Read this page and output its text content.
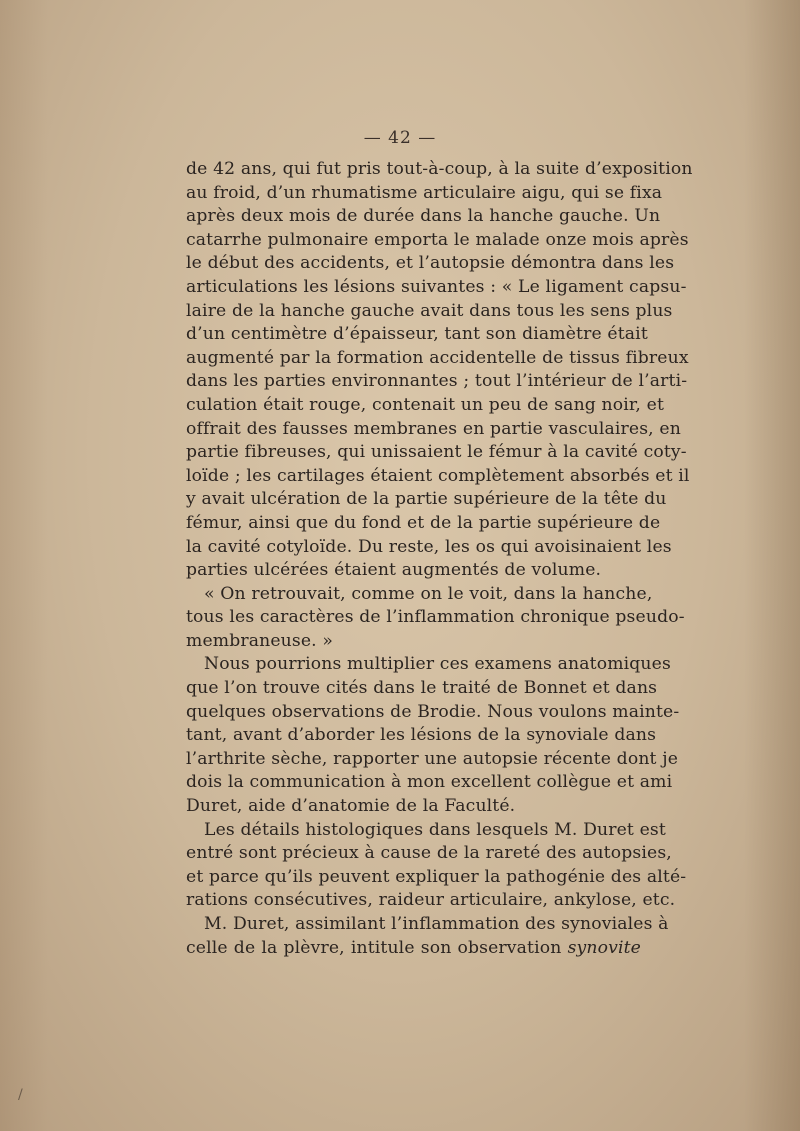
— 42 —
de 42 ans, qui fut pris tout-à-coup, à la suite d’exposition
au froid, d’un rhumatisme articulaire aigu, qui se fixa
après deux mois de durée dans la hanche gauche. Un
catarrhe pulmonaire emporta le malade onze mois après
le début des accidents, et l’autopsie démontra dans les
articulations les lésions suivantes : « Le ligament capsu-
laire de la hanche gauche avait dans tous les sens plus
d’un centimètre d’épaisseur, tant son diamètre était
augmenté par la formation accidentelle de tissus fibreux
dans les parties environnantes ; tout l’intérieur de l’arti-
culation était rouge, contenait un peu de sang noir, et
offrait des fausses membranes en partie vasculaires, en
partie fibreuses, qui unissaient le fémur à la cavité coty-
loïde ; les cartilages étaient complètement absorbés et il
y avait ulcération de la partie supérieure de la tête du
fémur, ainsi que du fond et de la partie supérieure de
la cavité cotyloïde. Du reste, les os qui avoisinaient les
parties ulcérées étaient augmentés de volume.
« On retrouvait, comme on le voit, dans la hanche,
tous les caractères de l’inflammation chronique pseudo-
membraneuse. »
Nous pourrions multiplier ces examens anatomiques
que l’on trouve cités dans le traité de Bonnet et dans
quelques observations de Brodie. Nous voulons mainte-
tant, avant d’aborder les lésions de la synoviale dans
l’arthrite sèche, rapporter une autopsie récente dont je
dois la communication à mon excellent collègue et ami
Duret, aide d’anatomie de la Faculté.
Les détails histologiques dans lesquels M. Duret est
entré sont précieux à cause de la rareté des autopsies,
et parce qu’ils peuvent expliquer la pathogénie des alté-
rations consécutives, raideur articulaire, ankylose, etc.
M. Duret, assimilant l’inflammation des synoviales à
celle de la plèvre, intitule son observation synovite
/
